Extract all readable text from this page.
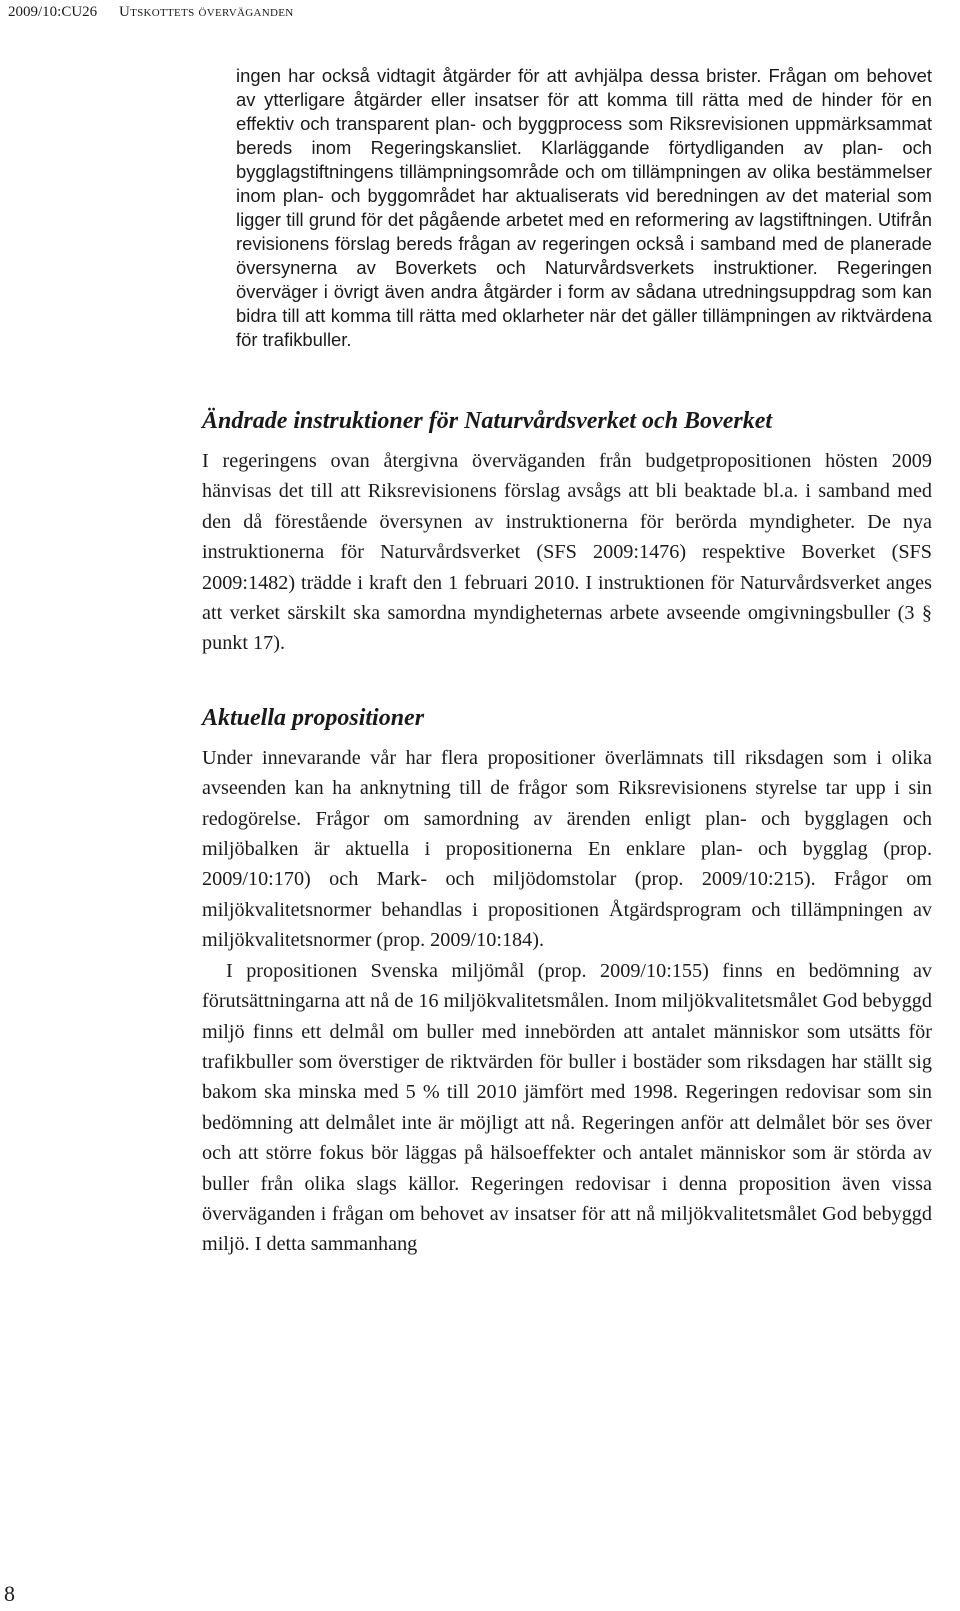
2009/10:CU26 Utskottets överväganden

ingen har också vidtagit åtgärder för att avhjälpa dessa brister. Frågan om behovet av ytterligare åtgärder eller insatser för att komma till rätta med de hinder för en effektiv och transparent plan- och byggprocess som Riksrevisionen uppmärksammat bereds inom Regeringskansliet. Klarläggande förtydliganden av plan- och bygglagstiftningens tillämpningsområde och om tillämpningen av olika bestämmelser inom plan- och byggområdet har aktualiserats vid beredningen av det material som ligger till grund för det pågående arbetet med en reformering av lagstiftningen. Utifrån revisionens förslag bereds frågan av regeringen också i samband med de planerade översynerna av Boverkets och Naturvårdsverkets instruktioner. Regeringen överväger i övrigt även andra åtgärder i form av sådana utredningsuppdrag som kan bidra till att komma till rätta med oklarheter när det gäller tillämpningen av riktvärdena för trafikbuller.

Ändrade instruktioner för Naturvårdsverket och Boverket

I regeringens ovan återgivna överväganden från budgetpropositionen hösten 2009 hänvisas det till att Riksrevisionens förslag avsågs att bli beaktade bl.a. i samband med den då förestående översynen av instruktionerna för berörda myndigheter. De nya instruktionerna för Naturvårdsverket (SFS 2009:1476) respektive Boverket (SFS 2009:1482) trädde i kraft den 1 februari 2010. I instruktionen för Naturvårdsverket anges att verket särskilt ska samordna myndigheternas arbete avseende omgivningsbuller (3 § punkt 17).

Aktuella propositioner

Under innevarande vår har flera propositioner överlämnats till riksdagen som i olika avseenden kan ha anknytning till de frågor som Riksrevisionens styrelse tar upp i sin redogörelse. Frågor om samordning av ärenden enligt plan- och bygglagen och miljöbalken är aktuella i propositionerna En enklare plan- och bygglag (prop. 2009/10:170) och Mark- och miljödomstolar (prop. 2009/10:215). Frågor om miljökvalitetsnormer behandlas i propositionen Åtgärdsprogram och tillämpningen av miljökvalitetsnormer (prop. 2009/10:184).

I propositionen Svenska miljömål (prop. 2009/10:155) finns en bedömning av förutsättningarna att nå de 16 miljökvalitetsmålen. Inom miljökvalitetsmålet God bebyggd miljö finns ett delmål om buller med innebörden att antalet människor som utsätts för trafikbuller som överstiger de riktvärden för buller i bostäder som riksdagen har ställt sig bakom ska minska med 5 % till 2010 jämfört med 1998. Regeringen redovisar som sin bedömning att delmålet inte är möjligt att nå. Regeringen anför att delmålet bör ses över och att större fokus bör läggas på hälsoeffekter och antalet människor som är störda av buller från olika slags källor. Regeringen redovisar i denna proposition även vissa överväganden i frågan om behovet av insatser för att nå miljökvalitetsmålet God bebyggd miljö. I detta sammanhang

8
